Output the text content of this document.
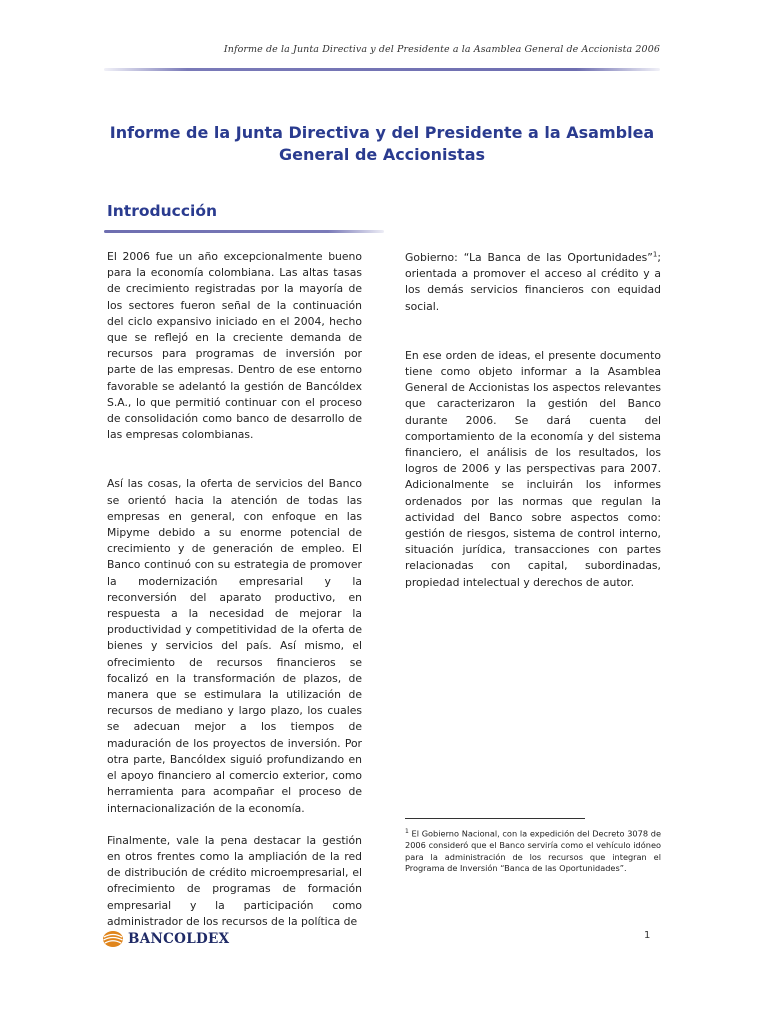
Informe de la Junta Directiva y del Presidente a la Asamblea General de Accionista 2006
Informe de la Junta Directiva y del Presidente a la Asamblea
General de Accionistas
Introducción

El 2006 fue un año excepcionalmente bueno para la economía colombiana. Las altas tasas de crecimiento registradas por la mayoría de los sectores fueron señal de la continuación del ciclo expansivo iniciado en el 2004, hecho que se reflejó en la creciente demanda de recursos para programas de inversión por parte de las empresas. Dentro de ese entorno favorable se adelantó la gestión de Bancóldex S.A., lo que permitió continuar con el proceso de consolidación como banco de desarrollo de las empresas colombianas.

Así las cosas, la oferta de servicios del Banco se orientó hacia la atención de todas las empresas en general, con enfoque en las Mipyme debido a su enorme potencial de crecimiento y de generación de empleo. El Banco continuó con su estrategia de promover la modernización empresarial y la reconversión del aparato productivo, en respuesta a la necesidad de mejorar la productividad y competitividad de la oferta de bienes y servicios del país. Así mismo, el ofrecimiento de recursos financieros se focalizó en la transformación de plazos, de manera que se estimulara la utilización de recursos de mediano y largo plazo, los cuales se adecuan mejor a los tiempos de maduración de los proyectos de inversión. Por otra parte, Bancóldex siguió profundizando en el apoyo financiero al comercio exterior, como herramienta para acompañar el proceso de internacionalización de la economía.

Finalmente, vale la pena destacar la gestión en otros frentes como la ampliación de la red de distribución de crédito microempresarial, el ofrecimiento de programas de formación empresarial y la participación como administrador de los recursos de la política de

Gobierno: “La Banca de las Oportunidades”$^1$; orientada a promover el acceso al crédito y a los demás servicios financieros con equidad social.

En ese orden de ideas, el presente documento tiene como objeto informar a la Asamblea General de Accionistas los aspectos relevantes que caracterizaron la gestión del Banco durante 2006. Se dará cuenta del comportamiento de la economía y del sistema financiero, el análisis de los resultados, los logros de 2006 y las perspectivas para 2007. Adicionalmente se incluirán los informes ordenados por las normas que regulan la actividad del Banco sobre aspectos como: gestión de riesgos, sistema de control interno, situación jurídica, transacciones con partes relacionadas con capital, subordinadas, propiedad intelectual y derechos de autor.

$^1$ El Gobierno Nacional, con la expedición del Decreto 3078 de 2006 consideró que el Banco serviría como el vehículo idóneo para la administración de los recursos que integran el Programa de Inversión “Banca de las Oportunidades”.

BANCOLDEX	1
